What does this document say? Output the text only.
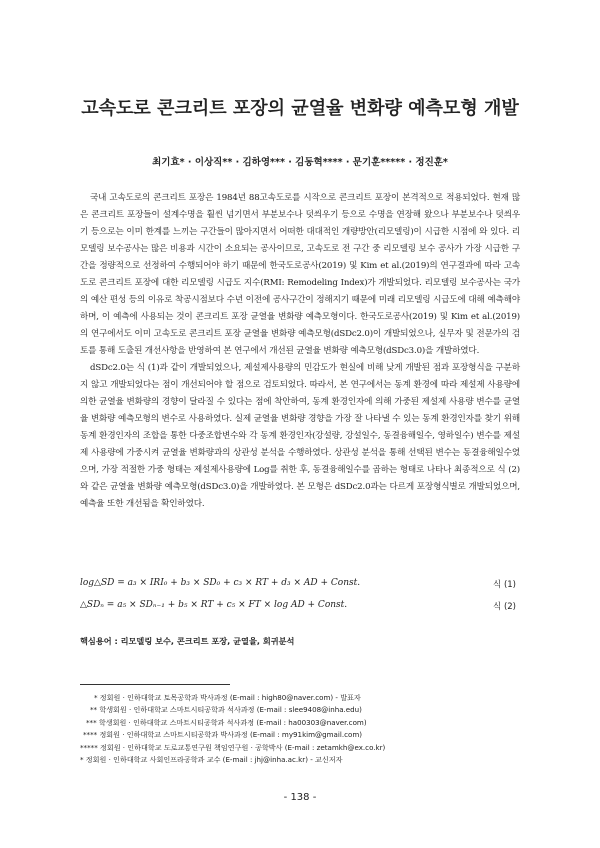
고속도로 콘크리트 포장의 균열율 변화량 예측모형 개발
최기효* · 이상직** · 김하영*** · 김동혁**** · 문기훈***** · 정진훈*

국내 고속도로의 콘크리트 포장은 1984년 88고속도로를 시작으로 콘크리트 포장이 본격적으로 적용되었다. 현재 많은 콘크리트 포장들이 설계수명을 훨씬 넘기면서 부분보수나 덧씌우기 등으로 수명을 연장해 왔으나 부분보수나 덧씌우기 등으로는 이미 한계를 느끼는 구간들이 많아지면서 어떠한 대대적인 개량방안(리모델링)이 시급한 시점에 와 있다. 리모델링 보수공사는 많은 비용과 시간이 소요되는 공사이므로, 고속도로 전 구간 중 리모델링 보수 공사가 가장 시급한 구간을 정량적으로 선정하여 수행되어야 하기 때문에 한국도로공사(2019) 및 Kim et al.(2019)의 연구결과에 따라 고속도로 콘크리트 포장에 대한 리모델링 시급도 지수(RMI: Remodeling Index)가 개발되었다. 리모델링 보수공사는 국가의 예산 편성 등의 이유로 착공시점보다 수년 이전에 공사구간이 정해지기 때문에 미래 리모델링 시급도에 대해 예측해야 하며, 이 예측에 사용되는 것이 콘크리트 포장 균열율 변화량 예측모형이다. 한국도로공사(2019) 및 Kim et al.(2019)의 연구에서도 이미 고속도로 콘크리트 포장 균열율 변화량 예측모형(dSDc2.0)이 개발되었으나, 실무자 및 전문가의 검토를 통해 도출된 개선사항을 반영하여 본 연구에서 개선된 균열율 변화량 예측모형(dSDc3.0)을 개발하였다.

dSDc2.0는 식 (1)과 같이 개발되었으나, 제설제사용량의 민감도가 현실에 비해 낮게 개발된 점과 포장형식을 구분하지 않고 개발되었다는 점이 개선되어야 할 점으로 검토되었다. 따라서, 본 연구에서는 동계 환경에 따라 제설제 사용량에 의한 균열율 변화량의 경향이 달라질 수 있다는 점에 착안하여, 동계 환경인자에 의해 가중된 제설제 사용량 변수를 균열율 변화량 예측모형의 변수로 사용하였다. 실제 균열율 변화량 경향을 가장 잘 나타낼 수 있는 동계 환경인자를 찾기 위해 동계 환경인자의 조합을 통한 다중조합변수와 각 동계 환경인자(강설량, 강설일수, 동결융해일수, 영하일수) 변수를 제설제 사용량에 가중시켜 균열율 변화량과의 상관성 분석을 수행하였다. 상관성 분석을 통해 선택된 변수는 동결융해일수였으며, 가장 적절한 가중 형태는 제설제사용량에 Log를 취한 후, 동결융해일수를 곱하는 형태로 나타나 최종적으로 식 (2)와 같은 균열율 변화량 예측모형(dSDc3.0)을 개발하였다. 본 모형은 dSDc2.0과는 다르게 포장형식별로 개발되었으며, 예측율 또한 개선됨을 확인하였다.

log△SD = a₃ × IRI₀ + b₃ × SD₀ + c₃ × RT + d₃ × AD + Const.	식 (1)
△SDₙ = a₅ × SDₙ₋₁ + b₅ × RT + c₅ × FT × log AD + Const.	식 (2)
핵심용어 : 리모델링 보수, 콘크리트 포장, 균열율, 회귀분석
* 정회원 · 인하대학교 토목공학과 박사과정 (E-mail : high80@naver.com) - 발표자
** 학생회원 · 인하대학교 스마트시티공학과 석사과정 (E-mail : slee9408@inha.edu)
*** 학생회원 · 인하대학교 스마트시티공학과 석사과정 (E-mail : ha00303@naver.com)
**** 정회원 · 인하대학교 스마트시티공학과 박사과정 (E-mail : my91kim@gmail.com)
***** 정회원 · 인하대학교 도로교통연구원 책임연구원 · 공학박사 (E-mail : zetamkh@ex.co.kr)
* 정회원 · 인하대학교 사회인프라공학과 교수 (E-mail : jhj@inha.ac.kr) - 교신저자
- 138 -
